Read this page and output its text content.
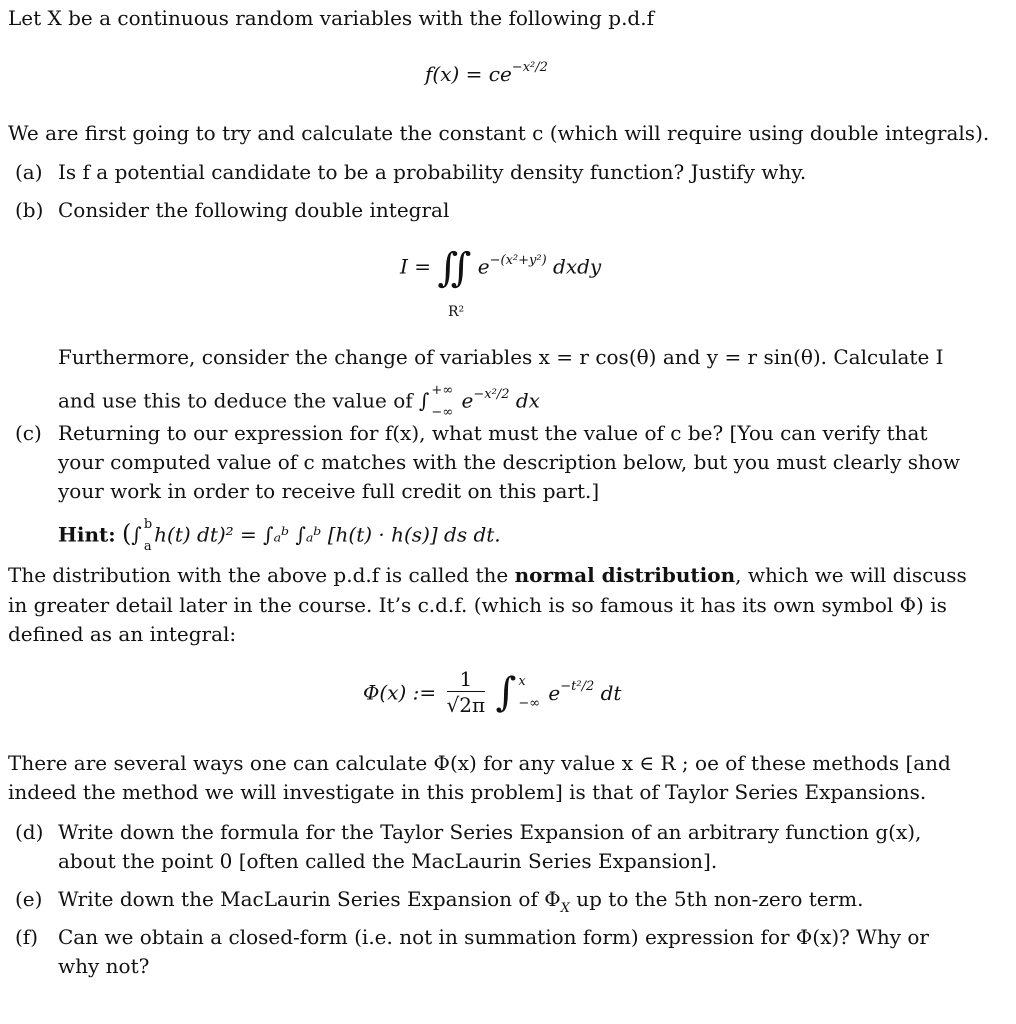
Let X be a continuous random variables with the following p.d.f
$f(x) = ce^{-x^2/2}$
We are first going to try and calculate the constant c (which will require using double integrals).
(a) Is f a potential candidate to be a probability density function? Justify why.
(b) Consider the following double integral
I = ∬ $e^{-(x^2+y^2)}$ dxdy
R²
Furthermore, consider the change of variables x = r cos(θ) and y = r sin(θ). Calculate I
and use this to deduce the value of ∫ +∞
−∞ $e^{-x^2/2}$ dx
(c) Returning to our expression for f(x), what must the value of c be? [You can verify that
your computed value of c matches with the description below, but you must clearly show
your work in order to receive full credit on this part.]
Hint: (∫ b
a h(t) dt)² = ∫ₐᵇ ∫ₐᵇ [h(t) · h(s)] ds dt.
The distribution with the above p.d.f is called the normal distribution, which we will discuss
in greater detail later in the course. It’s c.d.f. (which is so famous it has its own symbol Φ) is
defined as an integral:
Φ(x) := $\frac{1}{√2\pi}$ ∫ x
−∞ $e^{-t^2/2}$ dt
There are several ways one can calculate Φ(x) for any value x ∈ R ; oe of these methods [and
indeed the method we will investigate in this problem] is that of Taylor Series Expansions.
(d) Write down the formula for the Taylor Series Expansion of an arbitrary function g(x),
about the point 0 [often called the MacLaurin Series Expansion].
(e) Write down the MacLaurin Series Expansion of $\Phi_X$ up to the 5th non-zero term.
(f) Can we obtain a closed-form (i.e. not in summation form) expression for Φ(x)? Why or
why not?
